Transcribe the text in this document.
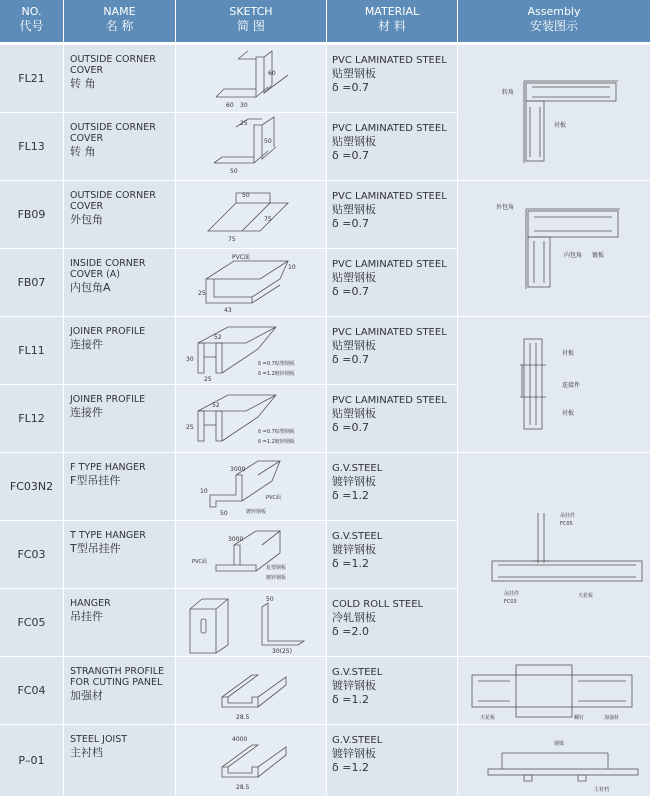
NO.
代号
NAME
名 称
SKETCH
简 图
MATERIAL
材 料
Assembly
安装图示
FL21
OUTSIDE CORNER COVER
转 角
30
60
60
PVC LAMINATED STEEL
贴塑钢板
δ =0.7
FL13
OUTSIDE CORNER COVER
转 角
25
50
50
PVC LAMINATED STEEL
贴塑钢板
δ =0.7
FB09
OUTSIDE CORNER COVER
外包角
50
75
75
PVC LAMINATED STEEL
贴塑钢板
δ =0.7
FB07
INSIDE CORNER COVER (A)
内包角A
PVC面
10
25
43
PVC LAMINATED STEEL
贴塑钢板
δ =0.7
FL11
JOINER PROFILE
连接件
52
30
25
δ =0.7贴塑钢板
δ =1.2镀锌钢板
PVC LAMINATED STEEL
贴塑钢板
δ =0.7
FL12
JOINER PROFILE
连接件
52
25
δ =0.7贴塑钢板
δ =1.2镀锌钢板
PVC LAMINATED STEEL
贴塑钢板
δ =0.7
FC03N2
F TYPE HANGER
F型吊挂件
3000
10
50
PVC面
镀锌钢板
G.V.STEEL
镀锌钢板
δ =1.2
FC03
T TYPE HANGER
T型吊挂件
3000
PVC面
复塑钢板
镀锌钢板
G.V.STEEL
镀锌钢板
δ =1.2
FC05
HANGER
吊挂件
50
30(25)
COLD ROLL STEEL
冷轧钢板
δ =2.0
FC04
STRANGTH PROFILE FOR CUTING PANEL
加强材
28.5
G.V.STEEL
镀锌钢板
δ =1.2
P–01
STEEL JOIST
主衬档
4000
28.5
G.V.STEEL
镀锌钢板
δ =1.2
转角
衬板
外包角
内包角 镀板
衬板
连接件
衬板
吊挂件
FC05
吊挂件
FC03
天花板
天花板	螺钉	加强材
钢梁
主衬档
